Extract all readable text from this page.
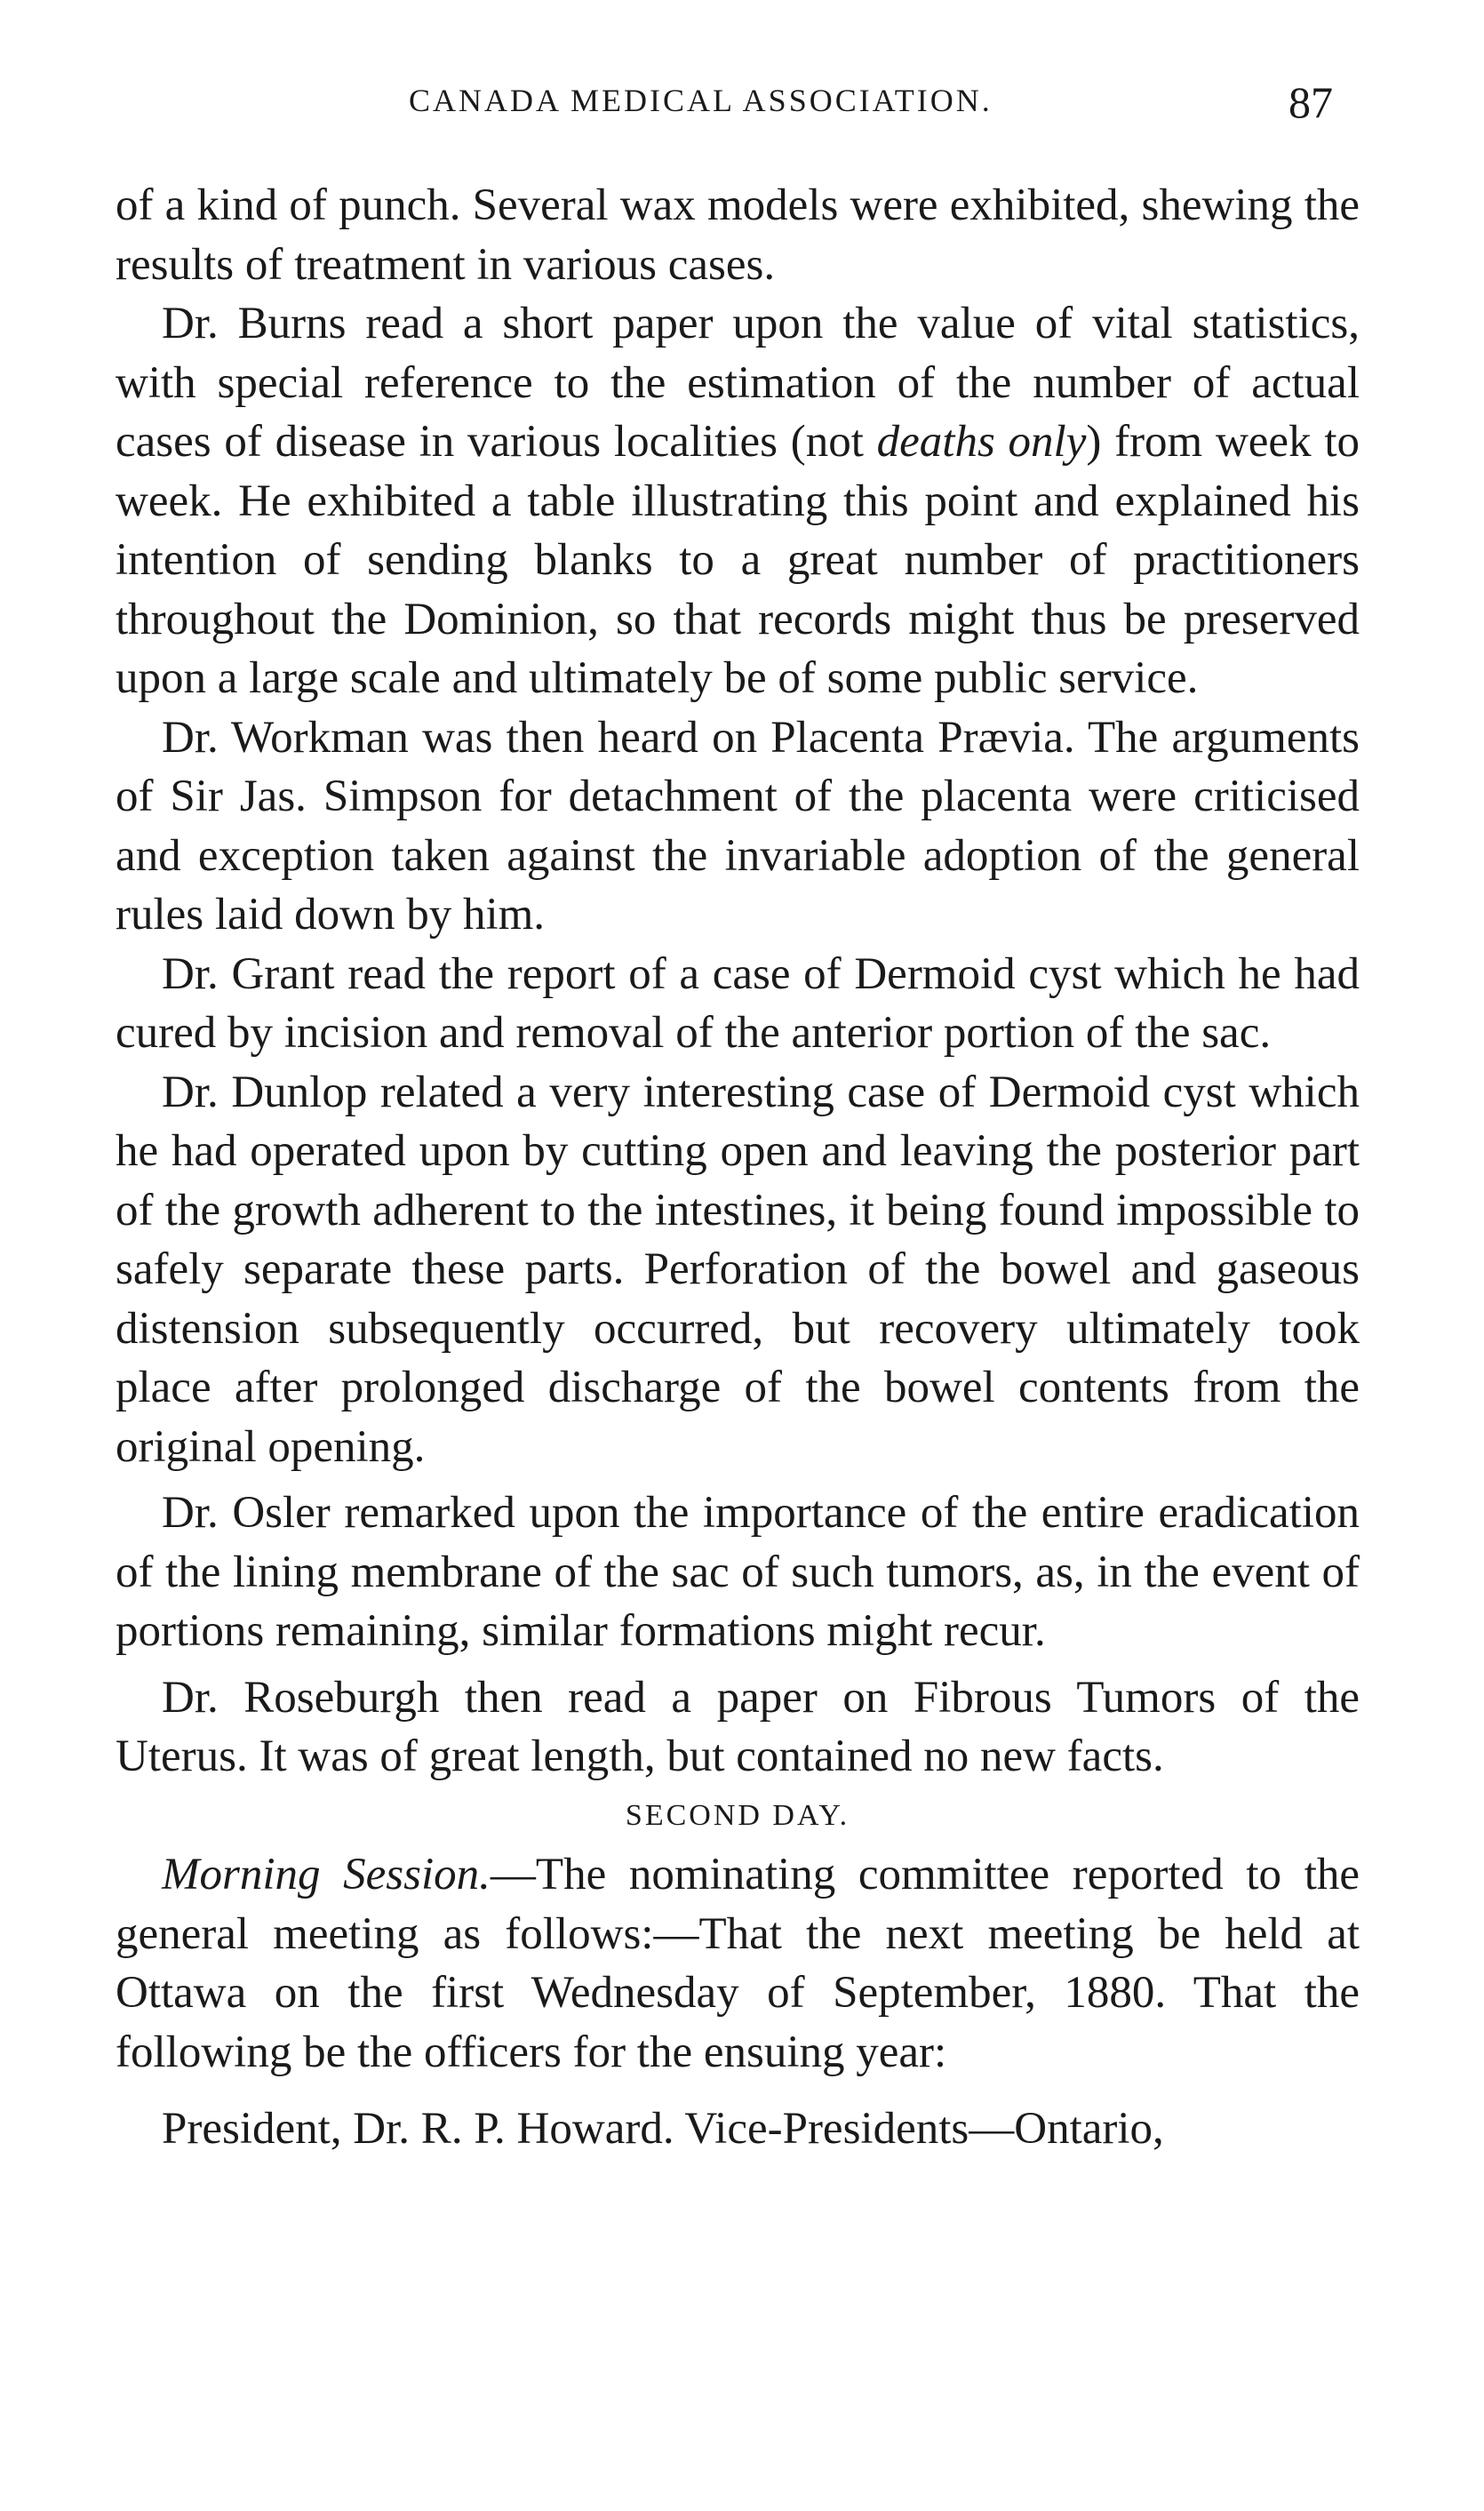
CANADA MEDICAL ASSOCIATION.	87

of a kind of punch. Several wax models were exhibited, shewing the results of treatment in various cases.

Dr. Burns read a short paper upon the value of vital statistics, with special reference to the estimation of the number of actual cases of disease in various localities (not deaths only) from week to week. He exhibited a table illustrating this point and explained his intention of sending blanks to a great number of practitioners throughout the Dominion, so that records might thus be preserved upon a large scale and ultimately be of some public service.

Dr. Workman was then heard on Placenta Prævia. The arguments of Sir Jas. Simpson for detachment of the placenta were criticised and exception taken against the invariable adoption of the general rules laid down by him.

Dr. Grant read the report of a case of Dermoid cyst which he had cured by incision and removal of the anterior portion of the sac.

Dr. Dunlop related a very interesting case of Dermoid cyst which he had operated upon by cutting open and leaving the posterior part of the growth adherent to the intestines, it being found impossible to safely separate these parts. Perforation of the bowel and gaseous distension subsequently occurred, but recovery ultimately took place after prolonged discharge of the bowel contents from the original opening.

Dr. Osler remarked upon the importance of the entire eradication of the lining membrane of the sac of such tumors, as, in the event of portions remaining, similar formations might recur.

Dr. Roseburgh then read a paper on Fibrous Tumors of the Uterus. It was of great length, but contained no new facts.

SECOND DAY.

Morning Session.—The nominating committee reported to the general meeting as follows:—That the next meeting be held at Ottawa on the first Wednesday of September, 1880. That the following be the officers for the ensuing year:

President, Dr. R. P. Howard. Vice-Presidents—Ontario,
